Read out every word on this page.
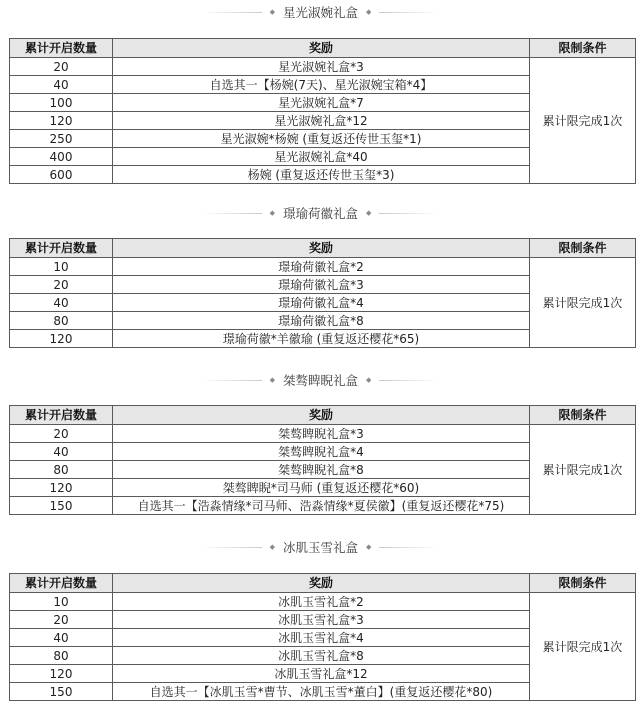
◆ 星光淑婉礼盒 ◆
累计开启数量	奖励	限制条件
20	星光淑婉礼盒*3	累计限完成1次
40	自选其一【杨婉(7天)、星光淑婉宝箱*4】	
100	星光淑婉礼盒*7	
120	星光淑婉礼盒*12	
250	星光淑婉*杨婉 (重复返还传世玉玺*1)	
400	星光淑婉礼盒*40	
600	杨婉 (重复返还传世玉玺*3)	
◆ 璟瑜荷徽礼盒 ◆
累计开启数量	奖励	限制条件
10	璟瑜荷徽礼盒*2	累计限完成1次
20	璟瑜荷徽礼盒*3	
40	璟瑜荷徽礼盒*4	
80	璟瑜荷徽礼盒*8	
120	璟瑜荷徽*羊徽瑜 (重复返还樱花*65)	
◆ 桀骜睥睨礼盒 ◆
累计开启数量	奖励	限制条件
20	桀骜睥睨礼盒*3	累计限完成1次
40	桀骜睥睨礼盒*4	
80	桀骜睥睨礼盒*8	
120	桀骜睥睨*司马师 (重复返还樱花*60)	
150	自选其一【浩淼情缘*司马师、浩淼情缘*夏侯徽】(重复返还樱花*75)	
◆ 冰肌玉雪礼盒 ◆
累计开启数量	奖励	限制条件
10	冰肌玉雪礼盒*2	累计限完成1次
20	冰肌玉雪礼盒*3	
40	冰肌玉雪礼盒*4	
80	冰肌玉雪礼盒*8	
120	冰肌玉雪礼盒*12	
150	自选其一【冰肌玉雪*曹节、冰肌玉雪*董白】(重复返还樱花*80)	
